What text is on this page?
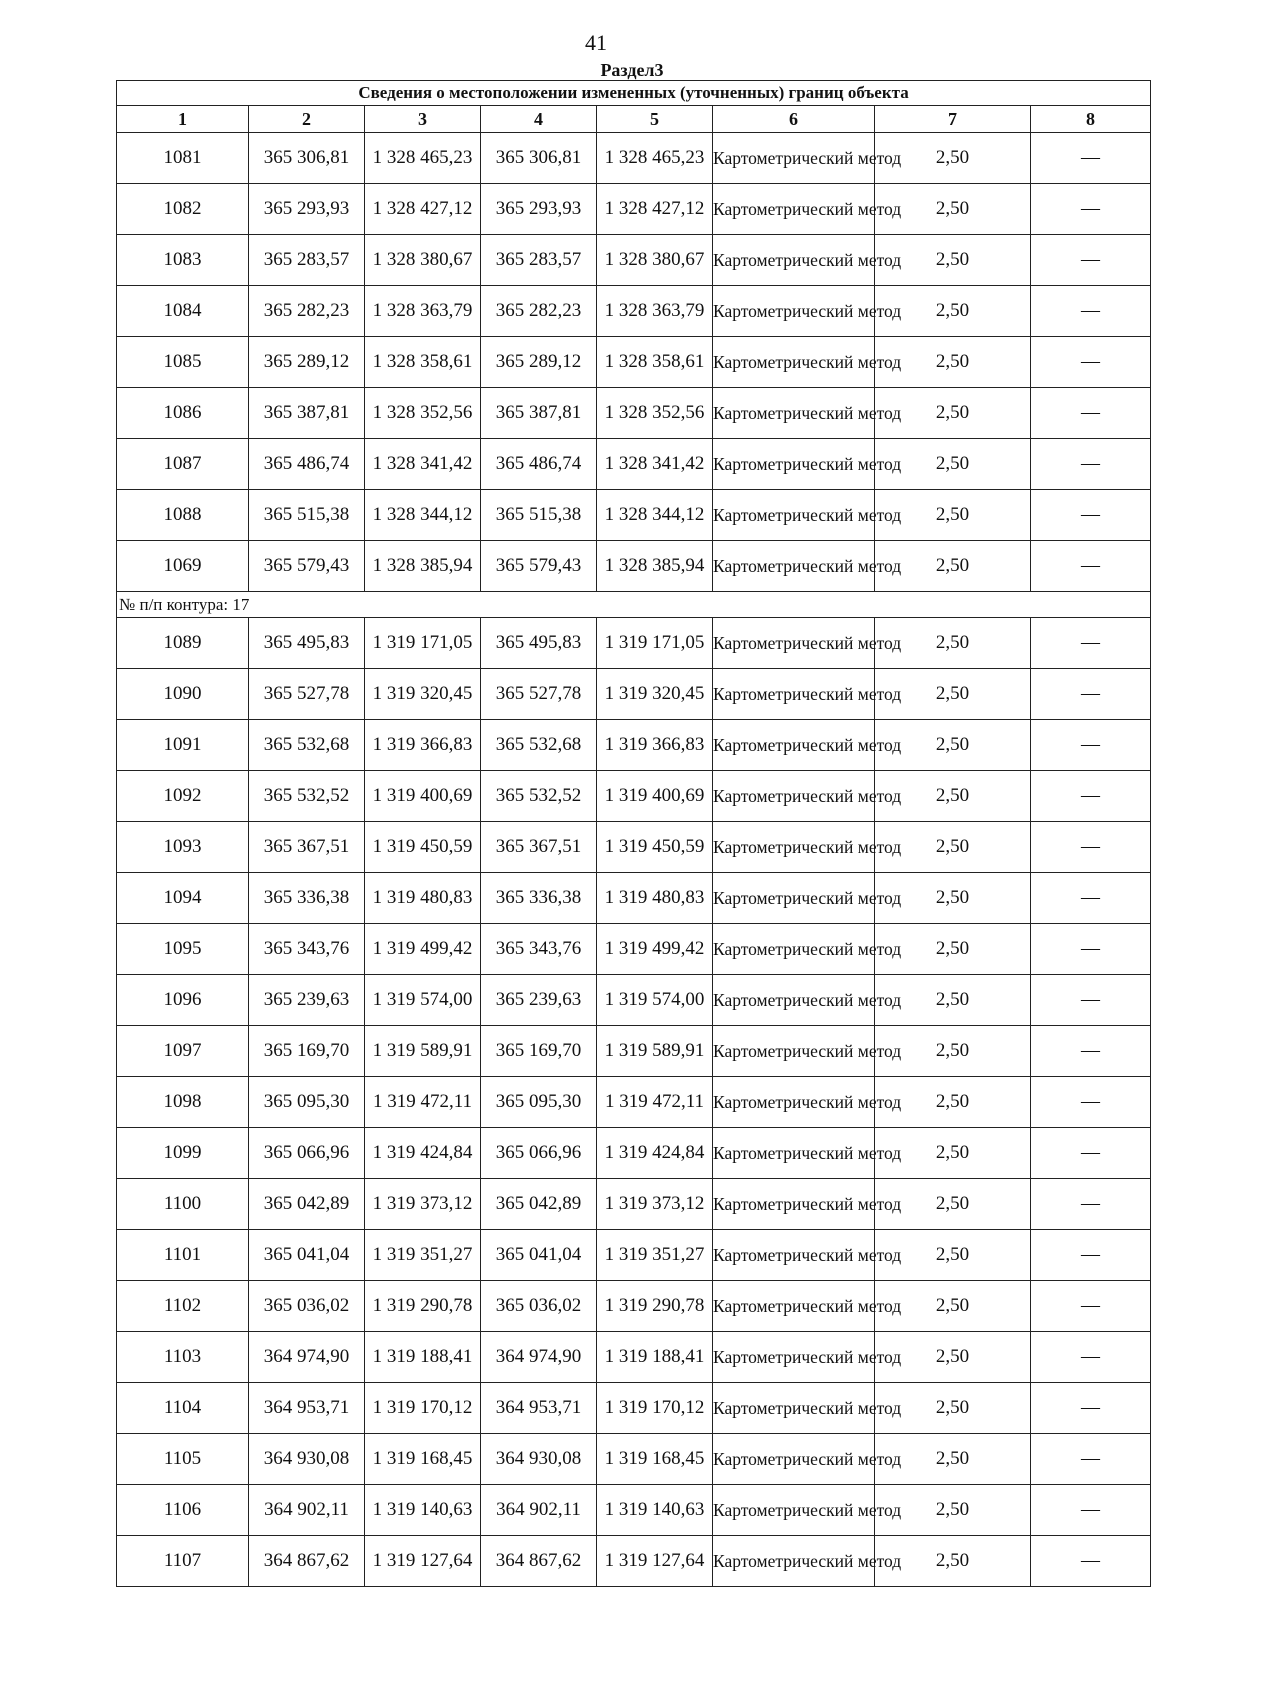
41
Раздел3
Сведения о местоположении измененных (уточненных) границ объекта							
1	2	3	4	5	6	7	8
1081	365 306,81	1 328 465,23	365 306,81	1 328 465,23	Картометрический метод	2,50	—
1082	365 293,93	1 328 427,12	365 293,93	1 328 427,12	Картометрический метод	2,50	—
1083	365 283,57	1 328 380,67	365 283,57	1 328 380,67	Картометрический метод	2,50	—
1084	365 282,23	1 328 363,79	365 282,23	1 328 363,79	Картометрический метод	2,50	—
1085	365 289,12	1 328 358,61	365 289,12	1 328 358,61	Картометрический метод	2,50	—
1086	365 387,81	1 328 352,56	365 387,81	1 328 352,56	Картометрический метод	2,50	—
1087	365 486,74	1 328 341,42	365 486,74	1 328 341,42	Картометрический метод	2,50	—
1088	365 515,38	1 328 344,12	365 515,38	1 328 344,12	Картометрический метод	2,50	—
1069	365 579,43	1 328 385,94	365 579,43	1 328 385,94	Картометрический метод	2,50	—
№ п/п контура: 17							
1089	365 495,83	1 319 171,05	365 495,83	1 319 171,05	Картометрический метод	2,50	—
1090	365 527,78	1 319 320,45	365 527,78	1 319 320,45	Картометрический метод	2,50	—
1091	365 532,68	1 319 366,83	365 532,68	1 319 366,83	Картометрический метод	2,50	—
1092	365 532,52	1 319 400,69	365 532,52	1 319 400,69	Картометрический метод	2,50	—
1093	365 367,51	1 319 450,59	365 367,51	1 319 450,59	Картометрический метод	2,50	—
1094	365 336,38	1 319 480,83	365 336,38	1 319 480,83	Картометрический метод	2,50	—
1095	365 343,76	1 319 499,42	365 343,76	1 319 499,42	Картометрический метод	2,50	—
1096	365 239,63	1 319 574,00	365 239,63	1 319 574,00	Картометрический метод	2,50	—
1097	365 169,70	1 319 589,91	365 169,70	1 319 589,91	Картометрический метод	2,50	—
1098	365 095,30	1 319 472,11	365 095,30	1 319 472,11	Картометрический метод	2,50	—
1099	365 066,96	1 319 424,84	365 066,96	1 319 424,84	Картометрический метод	2,50	—
1100	365 042,89	1 319 373,12	365 042,89	1 319 373,12	Картометрический метод	2,50	—
1101	365 041,04	1 319 351,27	365 041,04	1 319 351,27	Картометрический метод	2,50	—
1102	365 036,02	1 319 290,78	365 036,02	1 319 290,78	Картометрический метод	2,50	—
1103	364 974,90	1 319 188,41	364 974,90	1 319 188,41	Картометрический метод	2,50	—
1104	364 953,71	1 319 170,12	364 953,71	1 319 170,12	Картометрический метод	2,50	—
1105	364 930,08	1 319 168,45	364 930,08	1 319 168,45	Картометрический метод	2,50	—
1106	364 902,11	1 319 140,63	364 902,11	1 319 140,63	Картометрический метод	2,50	—
1107	364 867,62	1 319 127,64	364 867,62	1 319 127,64	Картометрический метод	2,50	—
